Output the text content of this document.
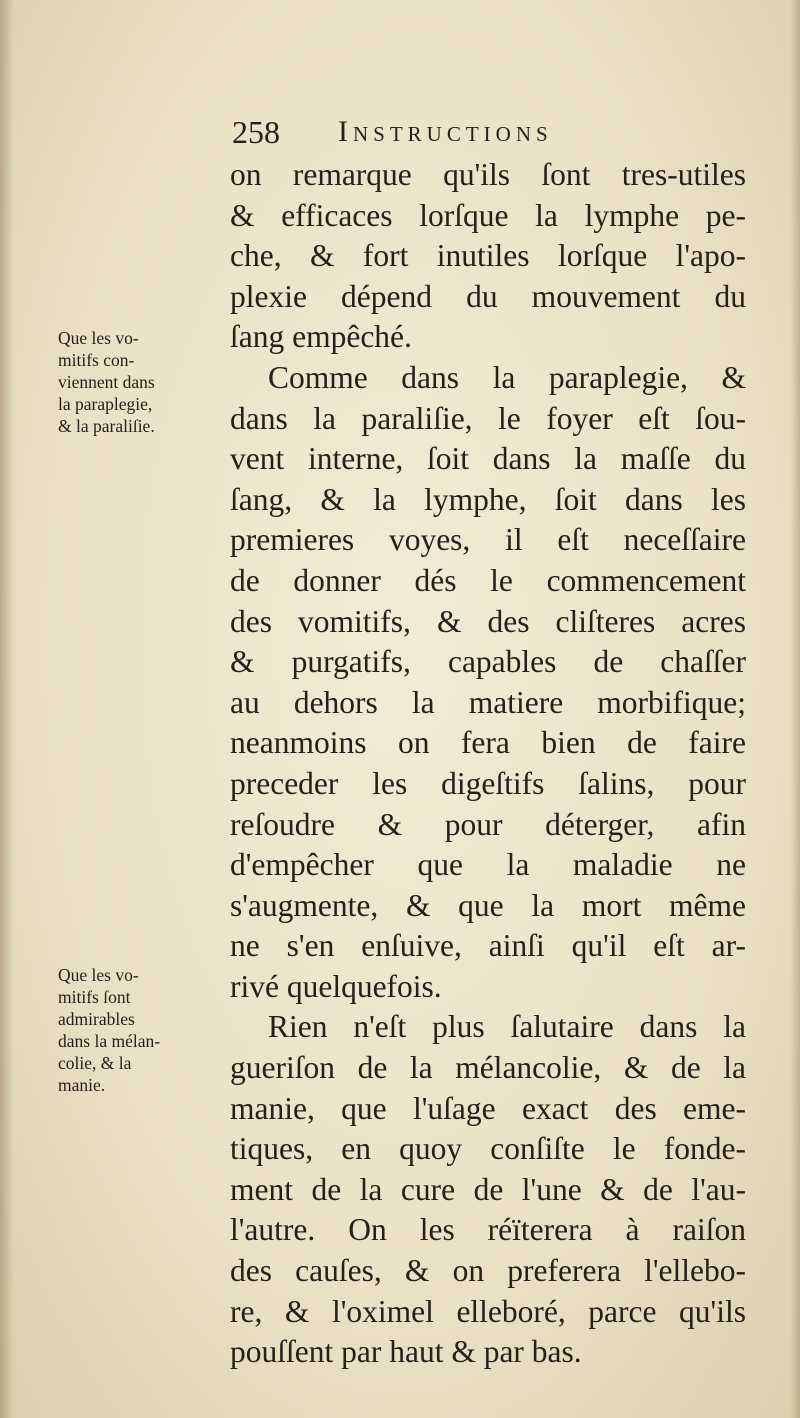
258 Instructions
Que les vo-
mitifs con-
viennent dans
la paraplegie,
& la paraliſie.
Que les vo-
mitifs ſont
admirables
dans la mélan-
colie, & la
manie.
on remarque qu'ils ſont tres-utiles
& efficaces lorſque la lymphe pe-
che, & fort inutiles lorſque l'apo-
plexie dépend du mouvement du
ſang empêché.
Comme dans la paraplegie, &
dans la paraliſie, le foyer eſt ſou-
vent interne, ſoit dans la maſſe du
ſang, & la lymphe, ſoit dans les
premieres voyes, il eſt neceſſaire
de donner dés le commencement
des vomitifs, & des cliſteres acres
& purgatifs, capables de chaſſer
au dehors la matiere morbifique;
neanmoins on fera bien de faire
preceder les digeſtifs ſalins, pour
reſoudre & pour déterger, afin
d'empêcher que la maladie ne
s'augmente, & que la mort même
ne s'en enſuive, ainſi qu'il eſt ar-
rivé quelquefois.
Rien n'eſt plus ſalutaire dans la
gueriſon de la mélancolie, & de la
manie, que l'uſage exact des eme-
tiques, en quoy conſiſte le fonde-
ment de la cure de l'une & de l'au-
l'autre. On les réïterera à raiſon
des cauſes, & on preferera l'ellebo-
re, & l'oximel elleboré, parce qu'ils
pouſſent par haut & par bas.
